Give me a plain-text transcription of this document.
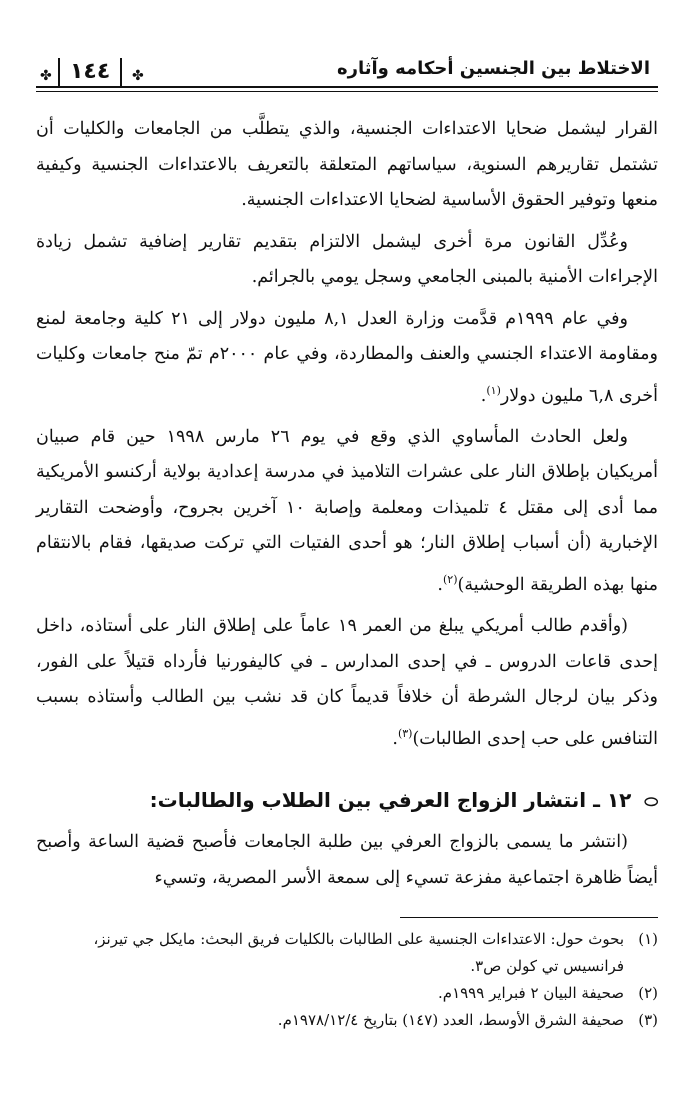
الاختلاط بين الجنسين أحكامه وآثاره
✤ ١٤٤	✤

القرار ليشمل ضحايا الاعتداءات الجنسية، والذي يتطلَّب من الجامعات والكليات أن تشتمل تقاريرهم السنوية، سياساتهم المتعلقة بالتعريف بالاعتداءات الجنسية وكيفية منعها وتوفير الحقوق الأساسية لضحايا الاعتداءات الجنسية.

وعُدِّل القانون مرة أخرى ليشمل الالتزام بتقديم تقارير إضافية تشمل زيادة الإجراءات الأمنية بالمبنى الجامعي وسجل يومي بالجرائم.

وفي عام ١٩٩٩م قدَّمت وزارة العدل ٨,١ مليون دولار إلى ٢١ كلية وجامعة لمنع ومقاومة الاعتداء الجنسي والعنف والمطاردة، وفي عام ٢٠٠٠م تمّ منح جامعات وكليات أخرى ٦,٨ مليون دولار$^{(١)}$.

ولعل الحادث المأساوي الذي وقع في يوم ٢٦ مارس ١٩٩٨ حين قام صبيان أمريكيان بإطلاق النار على عشرات التلاميذ في مدرسة إعدادية بولاية أركنسو الأمريكية مما أدى إلى مقتل ٤ تلميذات ومعلمة وإصابة ١٠ آخرين بجروح، وأوضحت التقارير الإخبارية (أن أسباب إطلاق النار؛ هو أحدى الفتيات التي تركت صديقها، فقام بالانتقام منها بهذه الطريقة الوحشية)$^{(٢)}$.

(وأقدم طالب أمريكي يبلغ من العمر ١٩ عاماً على إطلاق النار على أستاذه، داخل إحدى قاعات الدروس ـ في إحدى المدارس ـ في كاليفورنيا فأرداه قتيلاً على الفور، وذكر بيان لرجال الشرطة أن خلافاً قديماً كان قد نشب بين الطالب وأستاذه بسبب التنافس على حب إحدى الطالبات)$^{(٣)}$.

⬭ ١٢ ـ انتشار الزواج العرفي بين الطلاب والطالبات:

(انتشر ما يسمى بالزواج العرفي بين طلبة الجامعات فأصبح قضية الساعة وأصبح أيضاً ظاهرة اجتماعية مفزعة تسيء إلى سمعة الأسر المصرية، وتسيء

(١)
بحوث حول: الاعتداءات الجنسية على الطالبات بالكليات فريق البحث: مايكل جي تيرنز، فرانسيس تي كولن ص٣.
(٢)
صحيفة البيان ٢ فبراير ١٩٩٩م.
(٣)
صحيفة الشرق الأوسط، العدد (١٤٧) بتاريخ ١٩٧٨/١٢/٤م.
